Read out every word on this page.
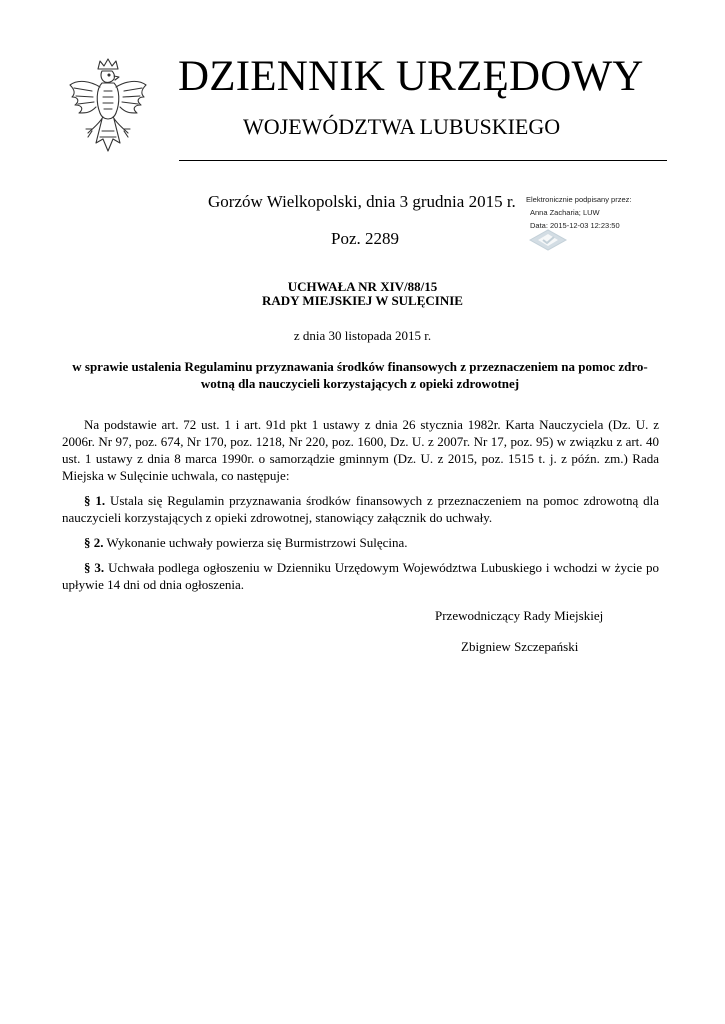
DZIENNIK URZĘDOWY
WOJEWÓDZTWA LUBUSKIEGO
Gorzów Wielkopolski, dnia 3 grudnia 2015 r.
Poz. 2289
Elektronicznie podpisany przez:
Anna Zacharia; LUW
Data: 2015-12-03 12:23:50
UCHWAŁA NR XIV/88/15
RADY MIEJSKIEJ W SULĘCINIE
z dnia 30 listopada 2015 r.
w sprawie ustalenia Regulaminu przyznawania środków finansowych z przeznaczeniem na pomoc zdro-wotną dla nauczycieli korzystających z opieki zdrowotnej

Na podstawie art. 72 ust. 1 i art. 91d pkt 1 ustawy z dnia 26 stycznia 1982r. Karta Nauczyciela (Dz. U. z 2006r. Nr 97, poz. 674, Nr 170, poz. 1218, Nr 220, poz. 1600, Dz. U. z 2007r. Nr 17, poz. 95) w związku z art. 40 ust. 1 ustawy z dnia 8 marca 1990r. o samorządzie gminnym (Dz. U. z 2015, poz. 1515 t. j. z późn. zm.) Rada Miejska w Sulęcinie uchwala, co następuje:

§ 1. Ustala się Regulamin przyznawania środków finansowych z przeznaczeniem na pomoc zdrowotną dla nauczycieli korzystających z opieki zdrowotnej, stanowiący załącznik do uchwały.

§ 2. Wykonanie uchwały powierza się Burmistrzowi Sulęcina.

§ 3. Uchwała podlega ogłoszeniu w Dzienniku Urzędowym Województwa Lubuskiego i wchodzi w życie po upływie 14 dni od dnia ogłoszenia.

Przewodniczący Rady Miejskiej
Zbigniew Szczepański
